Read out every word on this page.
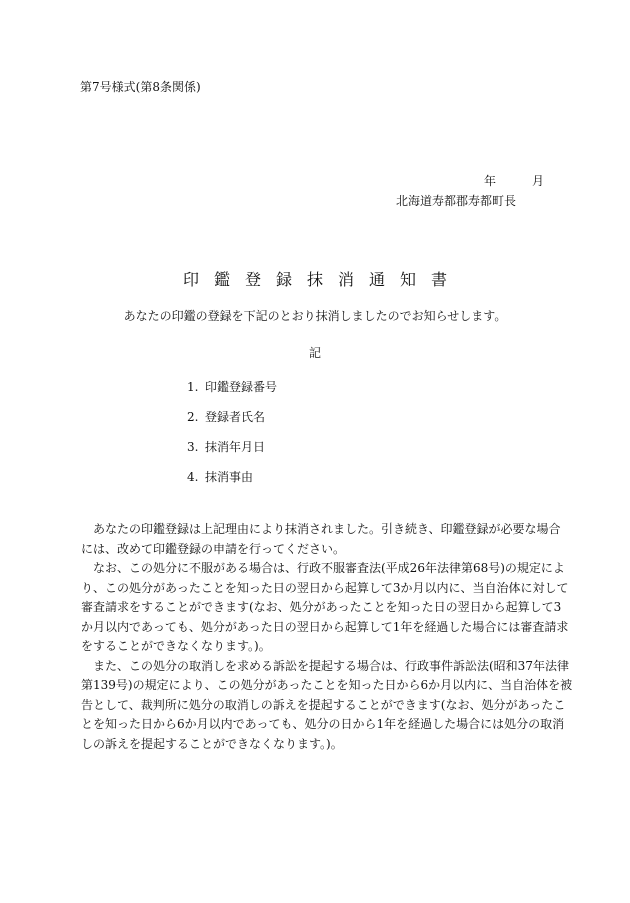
第7号様式(第8条関係)
年　　　	月
北海道寿都郡寿都町長
印鑑登録抹消通知書
あなたの印鑑の登録を下記のとおり抹消しましたのでお知らせします。
記
1. 印鑑登録番号
2. 登録者氏名
3. 抹消年月日
4. 抹消事由
　あなたの印鑑登録は上記理由により抹消されました。引き続き、印鑑登録が必要な場合
には、改めて印鑑登録の申請を行ってください。
　なお、この処分に不服がある場合は、行政不服審査法(平成26年法律第68号)の規定によ
り、この処分があったことを知った日の翌日から起算して3か月以内に、当自治体に対して
審査請求をすることができます(なお、処分があったことを知った日の翌日から起算して3
か月以内であっても、処分があった日の翌日から起算して1年を経過した場合には審査請求
をすることができなくなります。)。
　また、この処分の取消しを求める訴訟を提起する場合は、行政事件訴訟法(昭和37年法律
第139号)の規定により、この処分があったことを知った日から6か月以内に、当自治体を被
告として、裁判所に処分の取消しの訴えを提起することができます(なお、処分があったこ
とを知った日から6か月以内であっても、処分の日から1年を経過した場合には処分の取消
しの訴えを提起することができなくなります。)。
